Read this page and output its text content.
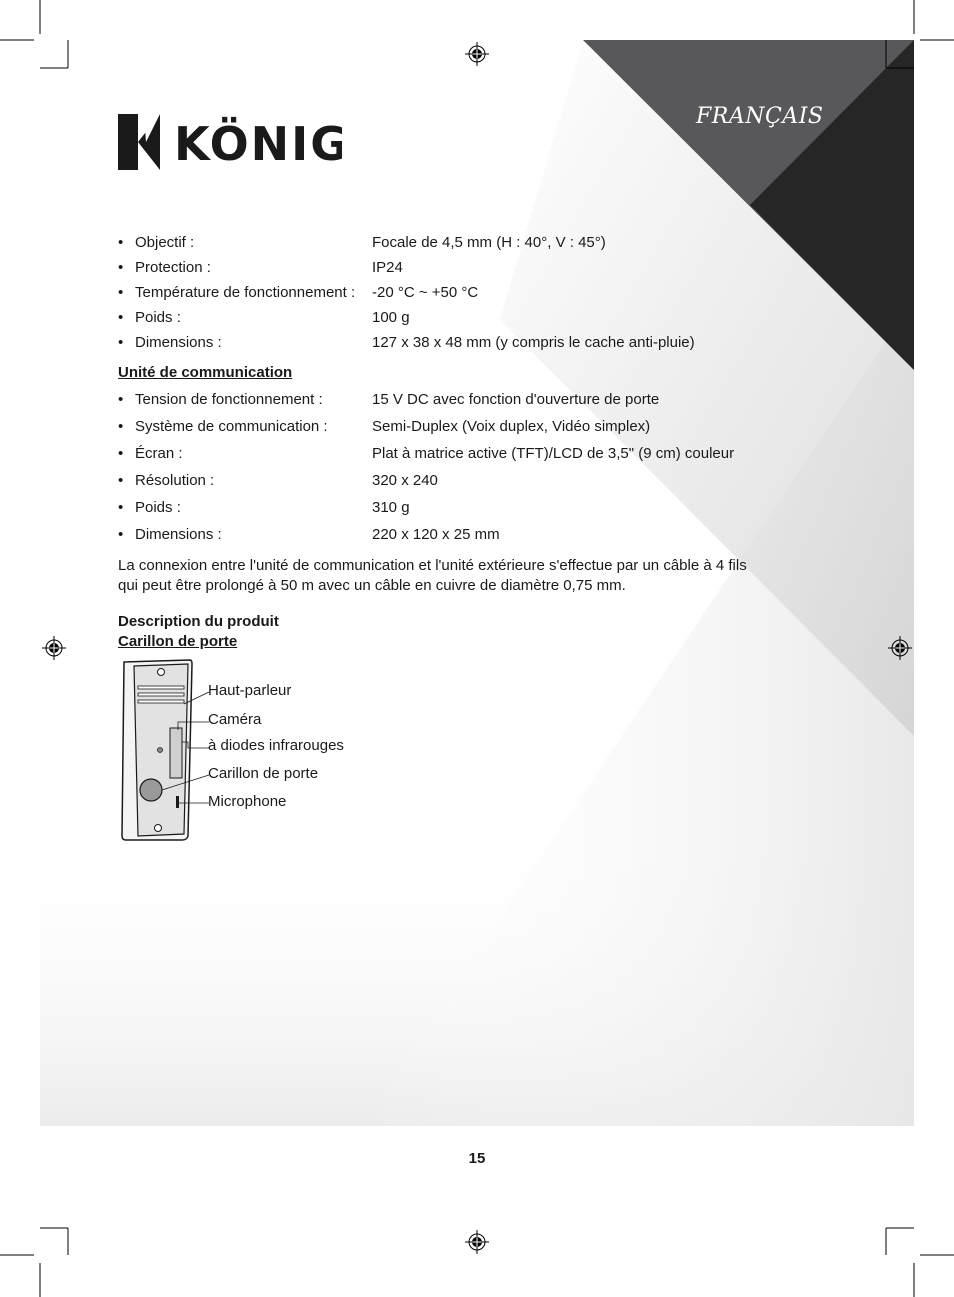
FRANÇAIS
KÖNIG
• Objectif :	Focale de 4,5 mm (H : 40°, V : 45°)
• Protection :	IP24
• Température de fonctionnement : -20 °C ~ +50 °C
• Poids :	100 g
• Dimensions :	127 x 38 x 48 mm (y compris le cache anti-pluie)
Unité de communication
• Tension de fonctionnement :	15 V DC avec fonction d'ouverture de porte
• Système de communication :	Semi-Duplex (Voix duplex, Vidéo simplex)
• Écran :	Plat à matrice active (TFT)/LCD de 3,5" (9 cm) couleur
• Résolution :	320 x 240
• Poids :	310 g
• Dimensions :	220 x 120 x 25 mm

La connexion entre l'unité de communication et l'unité extérieure s'effectue par un câble à 4 fils qui peut être prolongé à 50 m avec un câble en cuivre de diamètre 0,75 mm.

Description du produit
Carillon de porte
Haut-parleur
Caméra
à diodes infrarouges
Carillon de porte
Microphone
15
